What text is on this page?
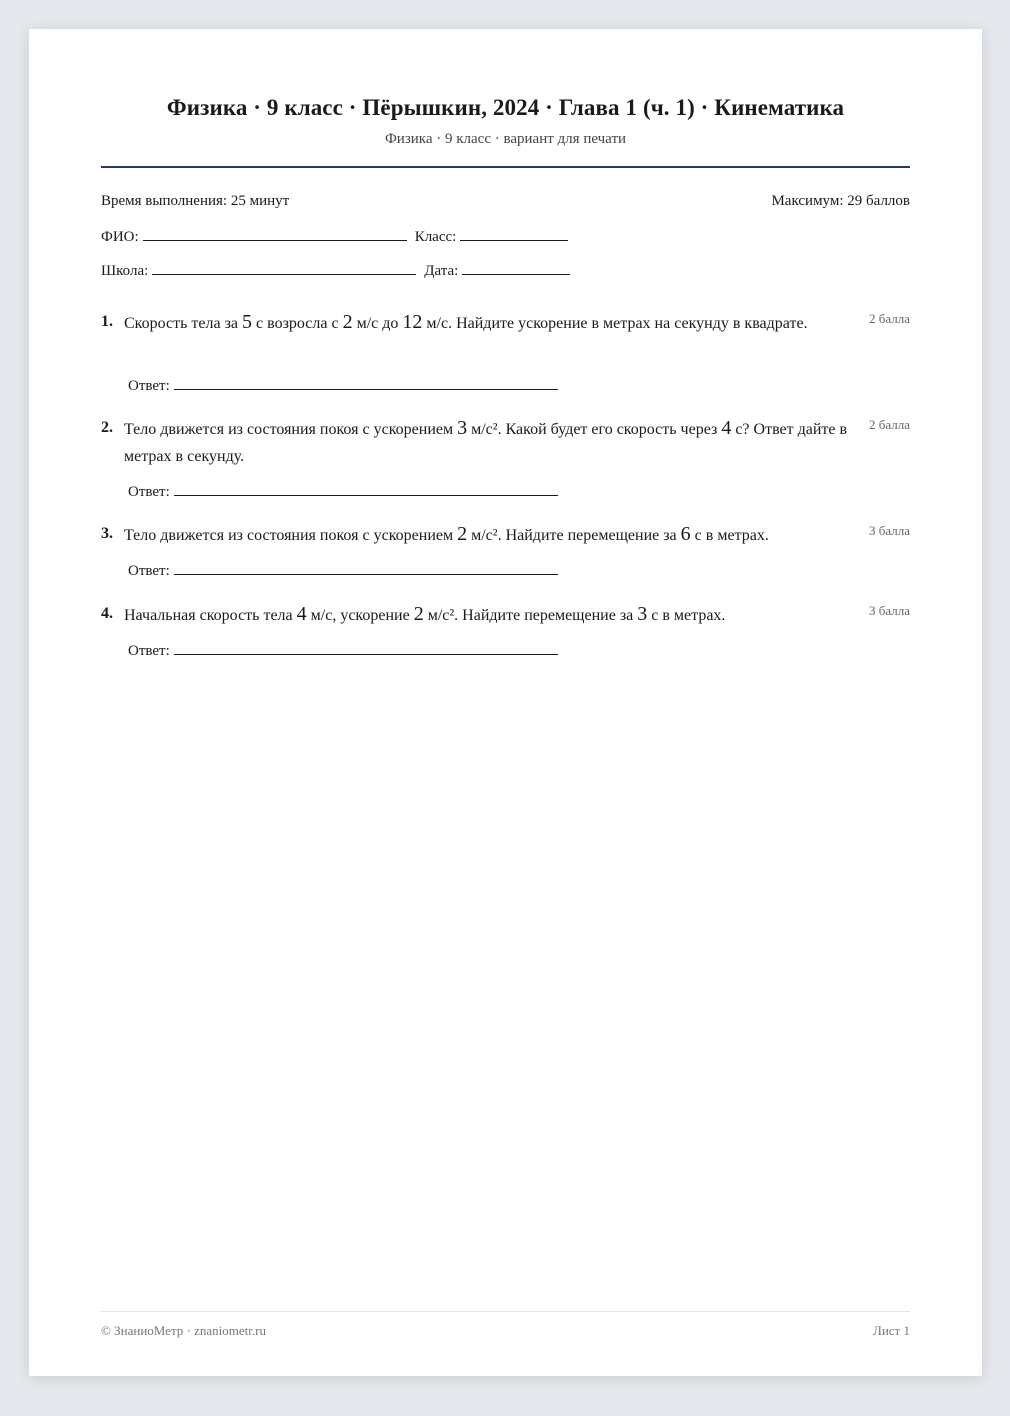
Физика · 9 класс · Пёрышкин, 2024 · Глава 1 (ч. 1) · Кинематика
Физика · 9 класс · вариант для печати
Время выполнения: 25 минут	Максимум: 29 баллов
ФИО:	Класс:
Школа:	Дата:
1. Скорость тела за 5 с возросла с 2 м/с до 12 м/с. Найдите ускорение в метрах на секунду в квадрате.	2 балла
Ответ:
2. Тело движется из состояния покоя с ускорением 3 м/с². Какой будет его скорость через 4 с? Ответ дайте в метрах в секунду.
2 балла
Ответ:
3. Тело движется из состояния покоя с ускорением 2 м/с². Найдите перемещение за 6 с в метрах.	3 балла
Ответ:
4. Начальная скорость тела 4 м/с, ускорение 2 м/с². Найдите перемещение за 3 с в метрах.	3 балла
Ответ:
© ЗнаниоМетр · znaniometr.ru	Лист 1
